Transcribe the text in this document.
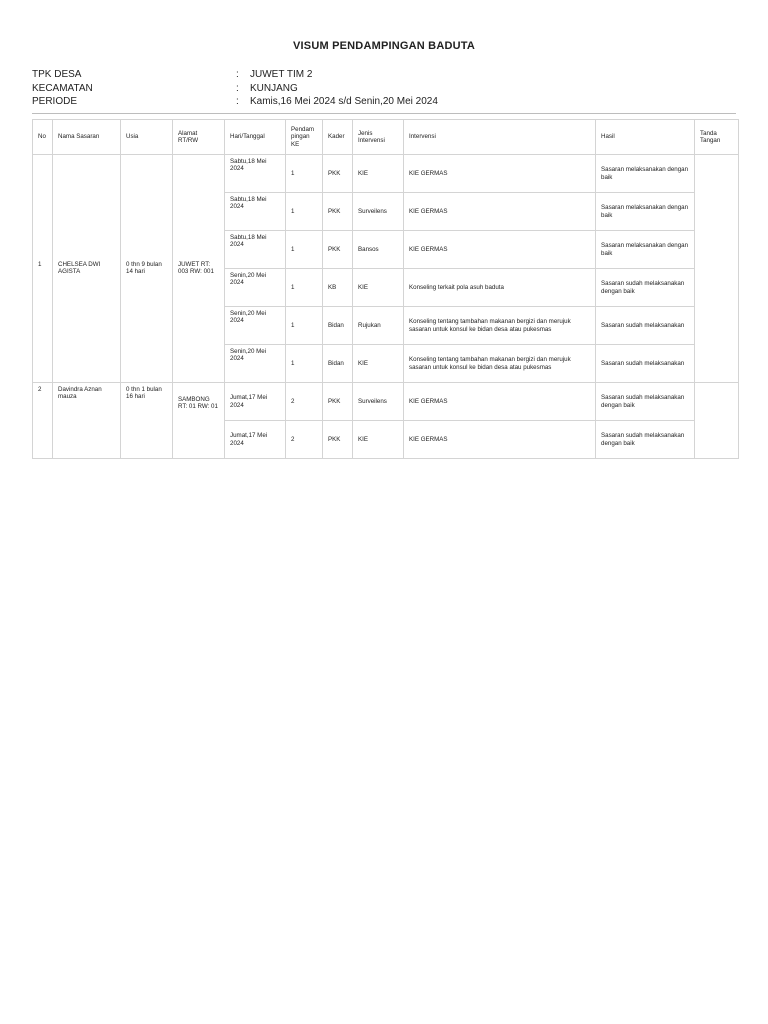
VISUM PENDAMPINGAN BADUTA
TPK DESA	:	JUWET TIM 2
KECAMATAN	:	KUNJANG
PERIODE	:	Kamis,16 Mei 2024 s/d Senin,20 Mei 2024
No	Nama Sasaran	Usia	Alamat RT/RW	Hari/Tanggal	Pendam pingan KE	Kader	Jenis Intervensi	Intervensi	Hasil	Tanda Tangan
1	CHELSEA DWI AGISTA	0 thn 9 bulan 14 hari	JUWET RT: 003 RW: 001	Sabtu,18 Mei 2024	1	PKK	KIE	KIE GERMAS	Sasaran melaksanakan dengan baik	
				Sabtu,18 Mei 2024	1	PKK	Surveilens	KIE GERMAS	Sasaran melaksanakan dengan baik	
				Sabtu,18 Mei 2024	1	PKK	Bansos	KIE GERMAS	Sasaran melaksanakan dengan baik	
				Senin,20 Mei 2024	1	KB	KIE	Konseling terkait pola asuh baduta	Sasaran sudah melaksanakan dengan baik	
				Senin,20 Mei 2024	1	Bidan	Rujukan	Konseling tentang tambahan makanan bergizi dan merujuk sasaran untuk konsul ke bidan desa atau pukesmas	Sasaran sudah melaksanakan	
				Senin,20 Mei 2024	1	Bidan	KIE	Konseling tentang tambahan makanan bergizi dan merujuk sasaran untuk konsul ke bidan desa atau pukesmas	Sasaran sudah melaksanakan	
2	Davindra Aznan mauza	0 thn 1 bulan 16 hari	SAMBONG RT: 01 RW: 01	Jumat,17 Mei 2024	2	PKK	Surveilens	KIE GERMAS	Sasaran sudah melaksanakan dengan baik	
				Jumat,17 Mei 2024	2	PKK	KIE	KIE GERMAS	Sasaran sudah melaksanakan dengan baik	
